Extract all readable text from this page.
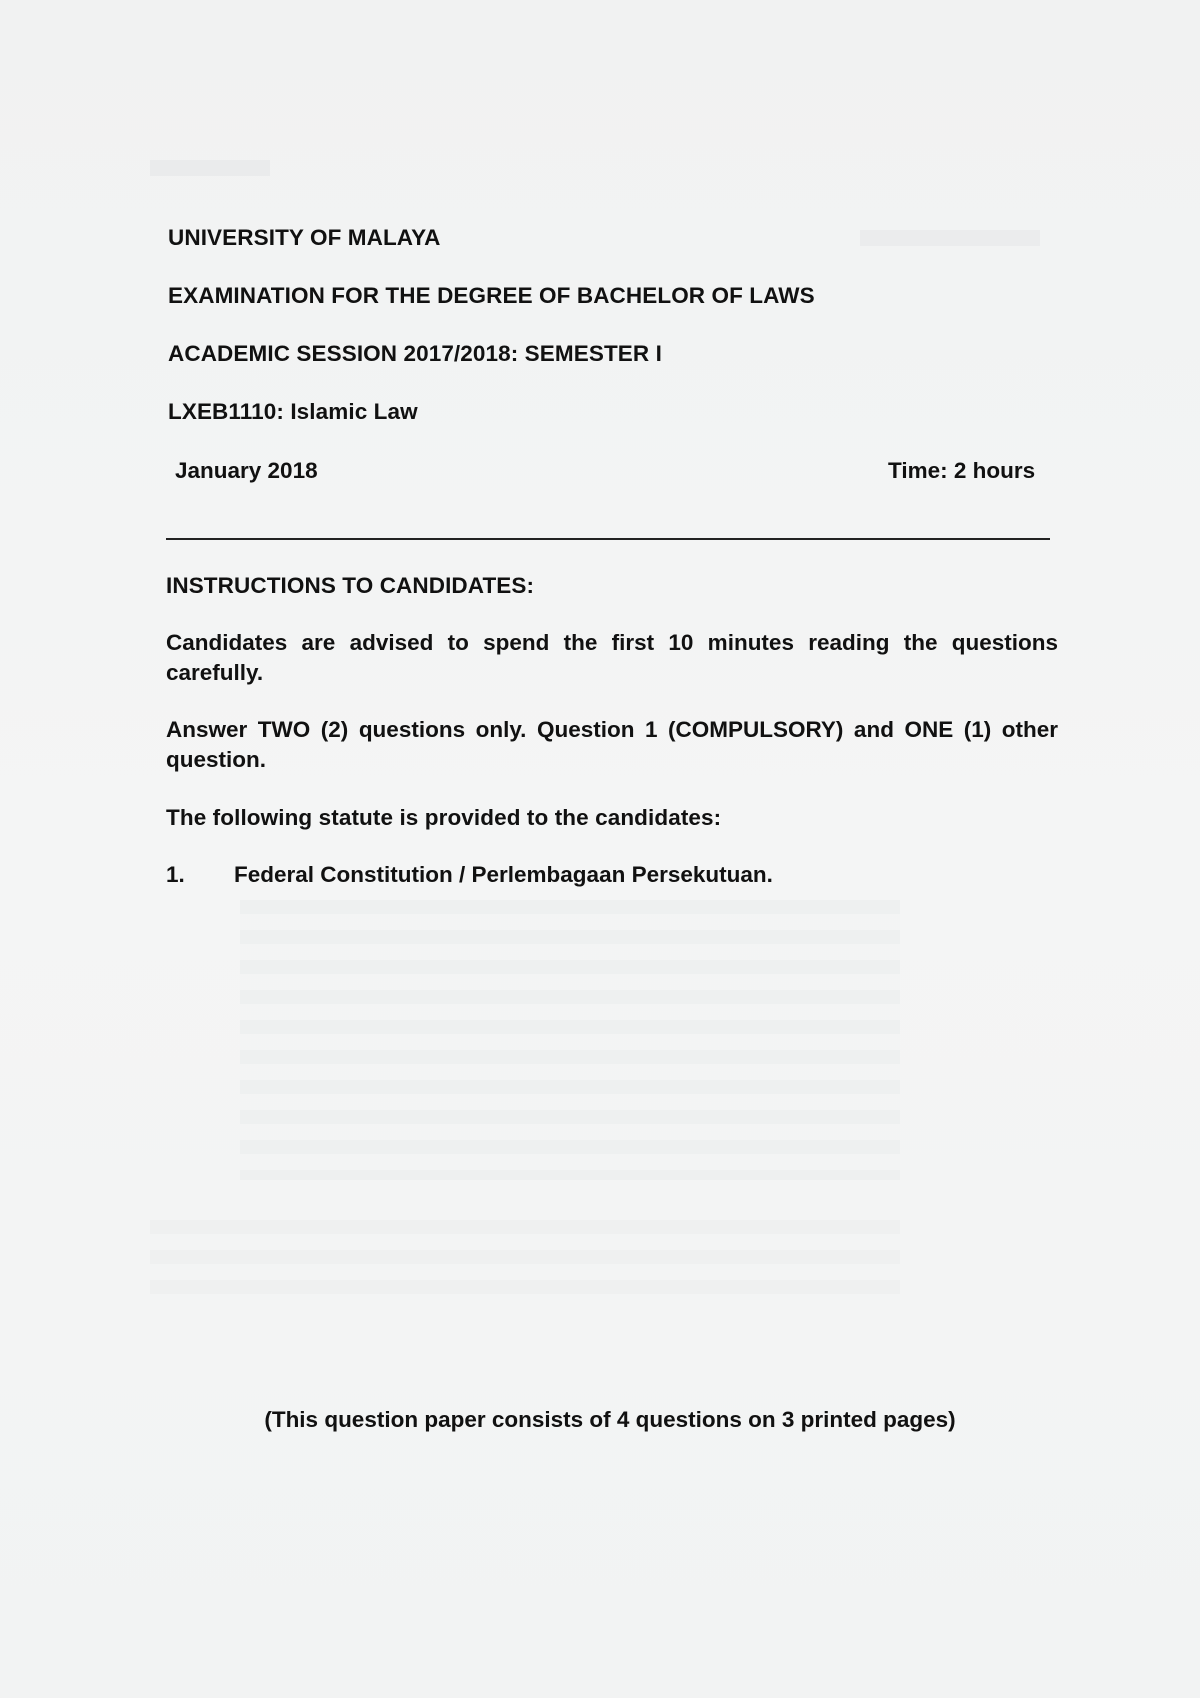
UNIVERSITY OF MALAYA
EXAMINATION FOR THE DEGREE OF BACHELOR OF LAWS
ACADEMIC SESSION 2017/2018: SEMESTER I
LXEB1110: Islamic Law
January 2018	Time: 2 hours
INSTRUCTIONS TO CANDIDATES:
Candidates are advised to spend the first 10 minutes reading the questions carefully.
Answer TWO (2) questions only. Question 1 (COMPULSORY) and ONE (1) other question.
The following statute is provided to the candidates:
1. Federal Constitution / Perlembagaan Persekutuan.
(This question paper consists of 4 questions on 3 printed pages)
